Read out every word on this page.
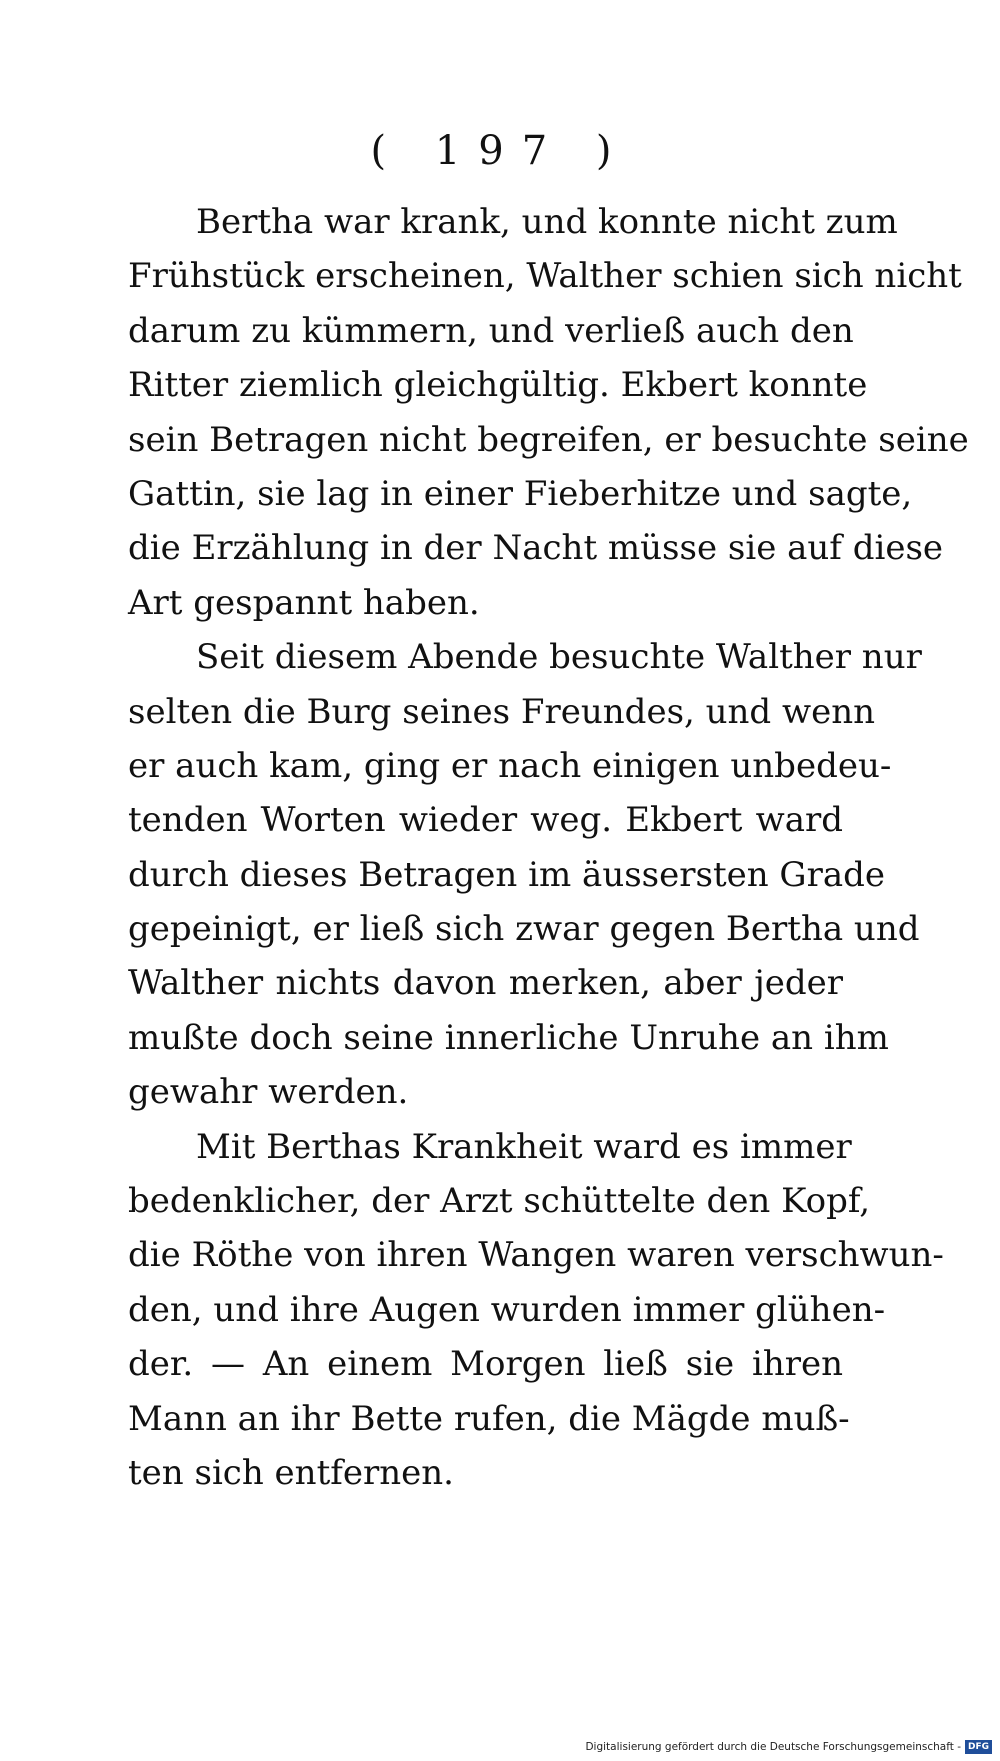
( 197 )
Bertha war krank, und konnte nicht zum
Frühstück erscheinen, Walther schien sich nicht
darum zu kümmern, und verließ auch den
Ritter ziemlich gleichgültig. Ekbert konnte
sein Betragen nicht begreifen, er besuchte seine
Gattin, sie lag in einer Fieberhitze und sagte,
die Erzählung in der Nacht müsse sie auf diese
Art gespannt haben.
Seit diesem Abende besuchte Walther nur
selten die Burg seines Freundes, und wenn
er auch kam, ging er nach einigen unbedeu-
tenden Worten wieder weg. Ekbert ward
durch dieses Betragen im äussersten Grade
gepeinigt, er ließ sich zwar gegen Bertha und
Walther nichts davon merken, aber jeder
mußte doch seine innerliche Unruhe an ihm
gewahr werden.
Mit Berthas Krankheit ward es immer
bedenklicher, der Arzt schüttelte den Kopf,
die Röthe von ihren Wangen waren verschwun-
den, und ihre Augen wurden immer glühen-
der. — An einem Morgen ließ sie ihren
Mann an ihr Bette rufen, die Mägde muß-
ten sich entfernen.
Digitalisierung gefördert durch die Deutsche Forschungsgemeinschaft - DFG
